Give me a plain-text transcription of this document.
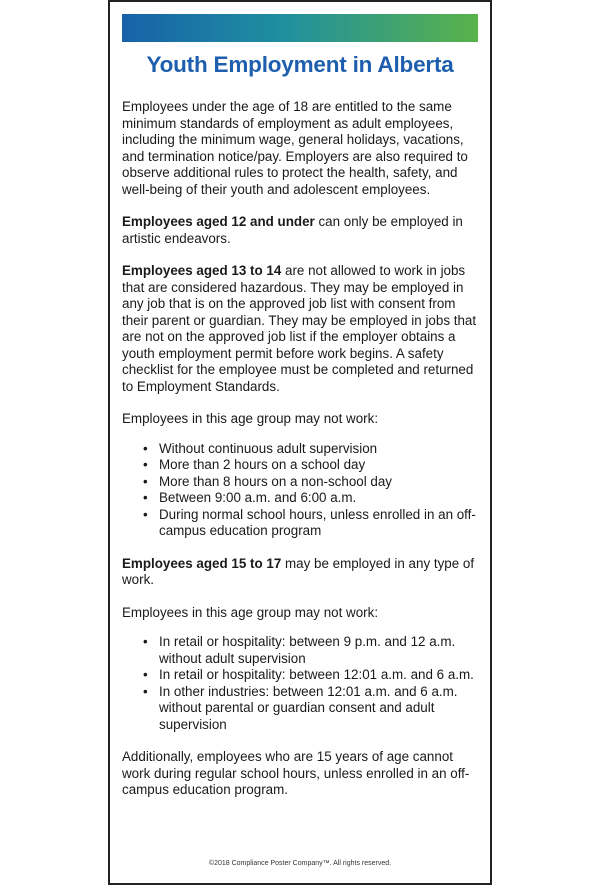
Youth Employment in Alberta

Employees under the age of 18 are entitled to the same minimum standards of employment as adult employees, including the minimum wage, general holidays, vacations, and termination notice/pay. Employers are also required to observe additional rules to protect the health, safety, and well-being of their youth and adolescent employees.

Employees aged 12 and under can only be employed in artistic endeavors.

Employees aged 13 to 14 are not allowed to work in jobs that are considered hazardous. They may be employed in any job that is on the approved job list with consent from their parent or guardian. They may be employed in jobs that are not on the approved job list if the employer obtains a youth employment permit before work begins. A safety checklist for the employee must be completed and returned to Employment Standards.

Employees in this age group may not work:

• Without continuous adult supervision
• More than 2 hours on a school day
• More than 8 hours on a non-school day
• Between 9:00 a.m. and 6:00 a.m.
• During normal school hours, unless enrolled in an off-campus education program

Employees aged 15 to 17 may be employed in any type of work.

Employees in this age group may not work:

• In retail or hospitality: between 9 p.m. and 12 a.m. without adult supervision
• In retail or hospitality: between 12:01 a.m. and 6 a.m.
• In other industries: between 12:01 a.m. and 6 a.m. without parental or guardian consent and adult supervision

Additionally, employees who are 15 years of age cannot work during regular school hours, unless enrolled in an off-campus education program.

©2018 Compliance Poster Company™. All rights reserved.
